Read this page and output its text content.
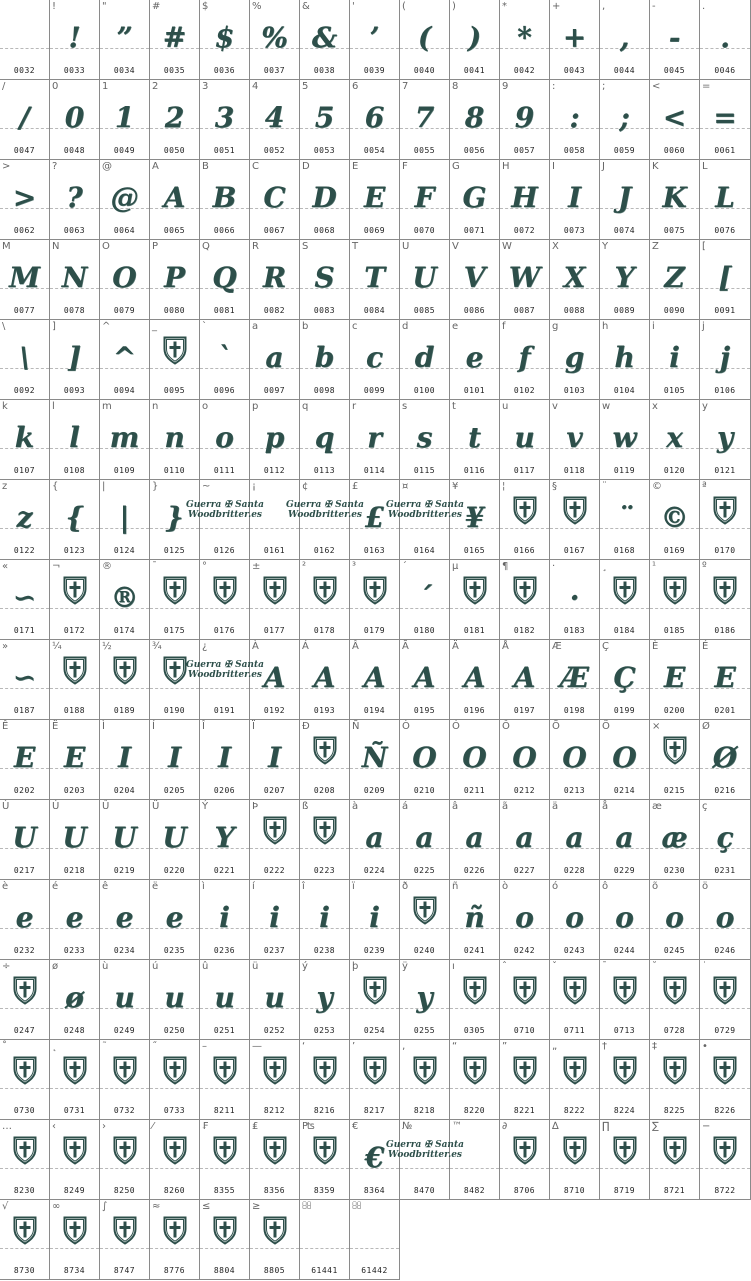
0032
!
!
0033
"
”
0034
#
#
0035
$
$
0036
%
%
0037
&
&
0038
'
’
0039
(
(
0040
)
)
0041
*
*
0042
+
+
0043
,
,
0044
-
-
0045
.
.
0046
/
/
0047
0
0
0048
1
1
0049
2
2
0050
3
3
0051
4
4
0052
5
5
0053
6
6
0054
7
7
0055
8
8
0056
9
9
0057
:
:
0058
;
;
0059
<
<
0060
=
=
0061
>
>
0062
?
?
0063
@
@
0064
A
A
0065
B
B
0066
C
C
0067
D
D
0068
E
E
0069
F
F
0070
G
G
0071
H
H
0072
I
I
0073
J
J
0074
K
K
0075
L
L
0076
M
M
0077
N
N
0078
O
O
0079
P
P
0080
Q
Q
0081
R
R
0082
S
S
0083
T
T
0084
U
U
0085
V
V
0086
W
W
0087
X
X
0088
Y
Y
0089
Z
Z
0090
[
[
0091
\
\
0092
]
]
0093
^
^
0094
_
0095
`
`
0096
a
a
0097
b
b
0098
c
c
0099
d
d
0100
e
e
0101
f
f
0102
g
g
0103
h
h
0104
i
i
0105
j
j
0106
k
k
0107
l
l
0108
m
m
0109
n
n
0110
o
o
0111
p
p
0112
q
q
0113
r
r
0114
s
s
0115
t
t
0116
u
u
0117
v
v
0118
w
w
0119
x
x
0120
y
y
0121
z
z
0122
{
{
0123
|
|
0124
}
}
0125
~
Guerra ✠ Santa
Woodbritter.es
0126
¡
0161
¢
Guerra ✠ Santa
Woodbritter.es
0162
£
£
0163
¤
Guerra ✠ Santa
Woodbritter.es
0164
¥
¥
0165
¦
0166
§
0167
¨
¨
0168
©
©
0169
ª
0170
«
∽
0171
¬
0172
®
®
0174
¯
0175
°
0176
±
0177
²
0178
³
0179
´
´
0180
µ
0181
¶
0182
·
·
0183
¸
0184
¹
0185
º
0186
»
∽
0187
¼
0188
½
0189
¾
0190
¿
Guerra ✠ Santa
Woodbritter.es
0191
À
A
0192
Á
A
0193
Â
A
0194
Ã
A
0195
Ä
A
0196
Å
A
0197
Æ
Æ
0198
Ç
Ç
0199
È
E
0200
É
E
0201
Ê
E
0202
Ë
E
0203
Ì
I
0204
Í
I
0205
Î
I
0206
Ï
I
0207
Ð
0208
Ñ
Ñ
0209
Ò
O
0210
Ó
O
0211
Ô
O
0212
Õ
O
0213
Ö
O
0214
×
0215
Ø
Ø
0216
Ù
U
0217
Ú
U
0218
Û
U
0219
Ü
U
0220
Ý
Y
0221
Þ
0222
ß
0223
à
a
0224
á
a
0225
â
a
0226
ã
a
0227
ä
a
0228
å
a
0229
æ
æ
0230
ç
ç
0231
è
e
0232
é
e
0233
ê
e
0234
ë
e
0235
ì
i
0236
í
i
0237
î
i
0238
ï
i
0239
ð
0240
ñ
ñ
0241
ò
o
0242
ó
o
0243
ô
o
0244
õ
o
0245
ö
o
0246
÷
0247
ø
ø
0248
ù
u
0249
ú
u
0250
û
u
0251
ü
u
0252
ý
y
0253
þ
0254
ÿ
y
0255
ı
0305
ˆ
0710
ˇ
0711
ˉ
0713
˘
0728
˙
0729
˚
0730
˛
0731
˜
0732
˝
0733
–
8211
—
8212
‘
8216
’
8217
‚
8218
“
8220
”
8221
„
8222
†
8224
‡
8225
•
8226
…
8230
‹
8249
›
8250
⁄
8260
₣
8355
₤
8356
₧
8359
€
€
8364
№
Guerra ✠ Santa
Woodbritter.es
8470
™
8482
∂
8706
∆
8710
∏
8719
∑
8721
−
8722
√
8730
∞
8734
∫
8747
≈
8776
≤
8804
≥
8805	61441	61442
